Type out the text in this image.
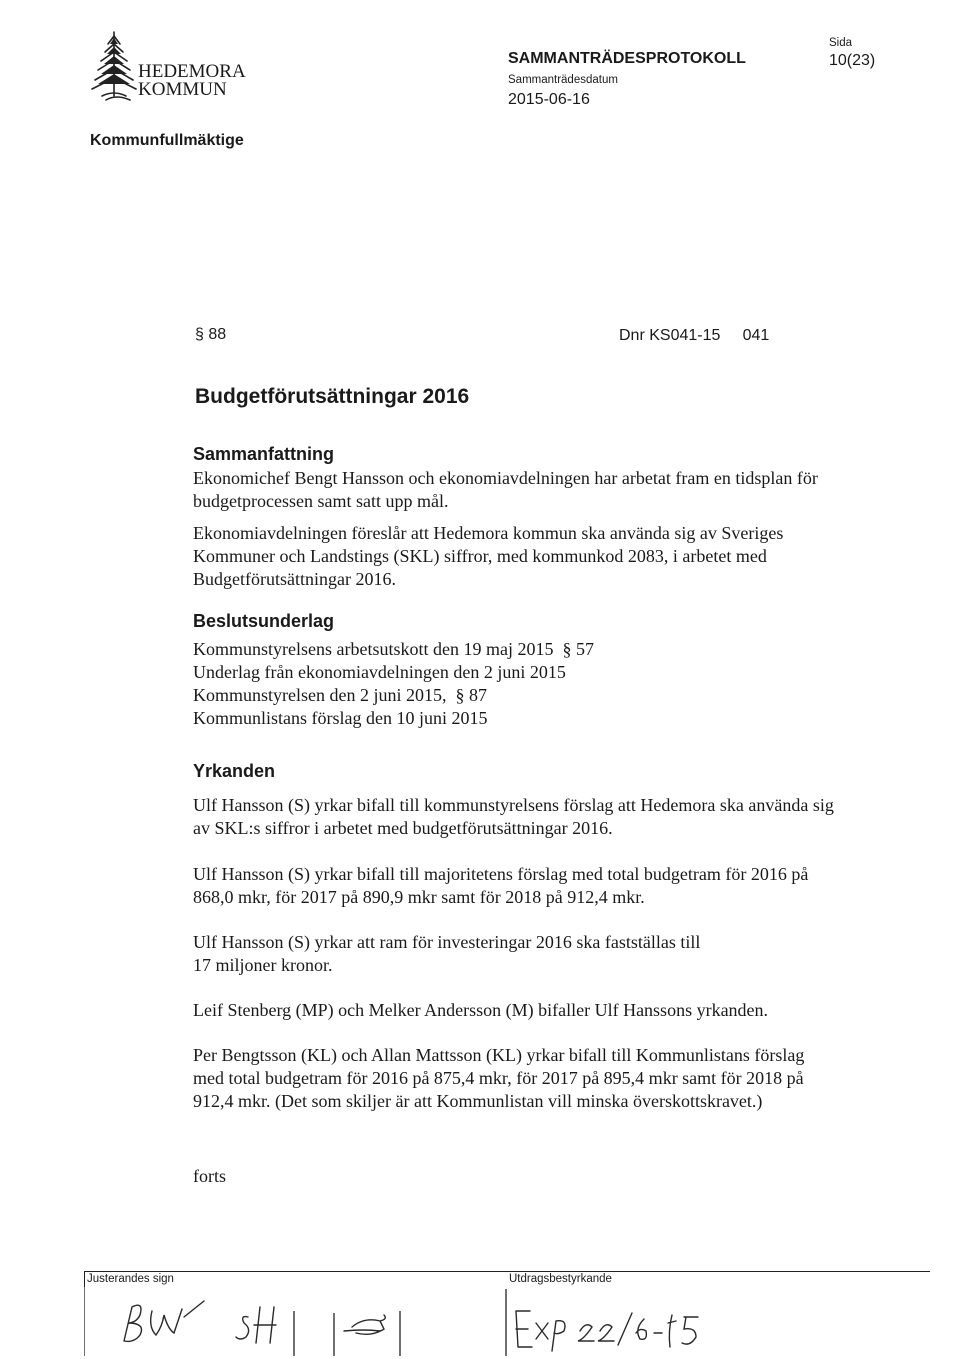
HEDEMORA
KOMMUN
SAMMANTRÄDESPROTOKOLL
Sammanträdesdatum
2015-06-16
Sida
10(23)
Kommunfullmäktige
§ 88	Dnr KS041-15     041
Budgetförutsättningar 2016
Sammanfattning
Ekonomichef Bengt Hansson och ekonomiavdelningen har arbetat fram en tidsplan för
budgetprocessen samt satt upp mål.
Ekonomiavdelningen föreslår att Hedemora kommun ska använda sig av Sveriges
Kommuner och Landstings (SKL) siffror, med kommunkod 2083, i arbetet med
Budgetförutsättningar 2016.
Beslutsunderlag
Kommunstyrelsens arbetsutskott den 19 maj 2015  § 57
Underlag från ekonomiavdelningen den 2 juni 2015
Kommunstyrelsen den 2 juni 2015,  § 87
Kommunlistans förslag den 10 juni 2015
Yrkanden
Ulf Hansson (S) yrkar bifall till kommunstyrelsens förslag att Hedemora ska använda sig
av SKL:s siffror i arbetet med budgetförutsättningar 2016.
Ulf Hansson (S) yrkar bifall till majoritetens förslag med total budgetram för 2016 på
868,0 mkr, för 2017 på 890,9 mkr samt för 2018 på 912,4 mkr.
Ulf Hansson (S) yrkar att ram för investeringar 2016 ska fastställas till
17 miljoner kronor.
Leif Stenberg (MP) och Melker Andersson (M) bifaller Ulf Hanssons yrkanden.
Per Bengtsson (KL) och Allan Mattsson (KL) yrkar bifall till Kommunlistans förslag
med total budgetram för 2016 på 875,4 mkr, för 2017 på 895,4 mkr samt för 2018 på
912,4 mkr. (Det som skiljer är att Kommunlistan vill minska överskottskravet.)
forts
Justerandes sign	Utdragsbestyrkande
